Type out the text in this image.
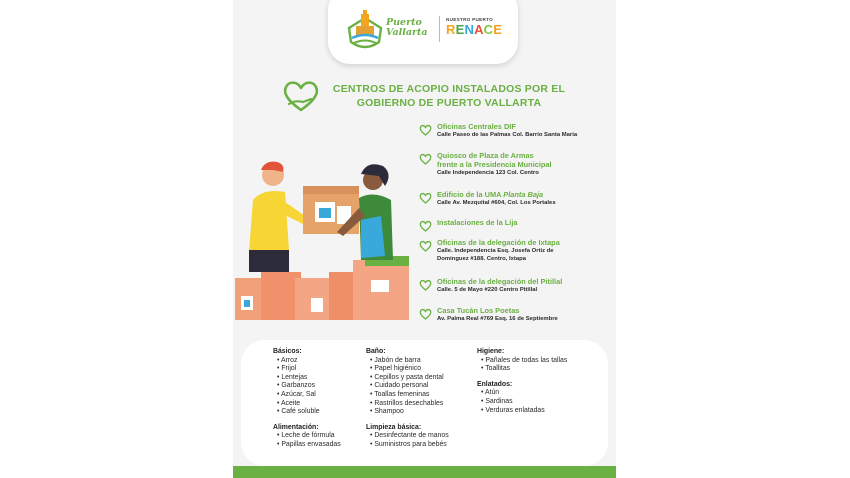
Puerto
Vallarta
NUESTRO PUERTO
RENACE
CENTROS DE ACOPIO INSTALADOS POR EL
GOBIERNO DE PUERTO VALLARTA
Oficinas Centrales DIF
Calle Paseo de las Palmas Col. Barrio Santa Maria
Quiosco de Plaza de Armas
frente a la Presidencia Municipal
Calle Independencia 123 Col. Centro
Edificio de la UMA Planta Baja
Calle Av. Mezquital #604, Col. Los Portales
Instalaciones de la Lija
Oficinas de la delegación de Ixtapa
Calle. Independencia Esq. Josefa Ortiz de
Dominguez #188. Centro, Ixtapa
Oficinas de la delegación del Pitillal
Calle. 5 de Mayo #220 Centro Pitillal
Casa Tucán Los Poetas
Av. Palma Real #769 Esq. 16 de Septiembre
Básicos:
• Arroz
• Frijol
• Lentejas
• Garbanzos
• Azúcar, Sal
• Aceite
• Café soluble
Alimentación:
• Leche de fórmula
• Papillas envasadas
Baño:
• Jabón de barra
• Papel higiénico
• Cepillos y pasta dental
• Cuidado personal
• Toallas femeninas
• Rastrillos desechables
• Shampoo
Limpieza básica:
• Desinfectante de manos
• Suministros para bebés
Higiene:
• Pañales de todas las tallas
• Toallitas
Enlatados:
• Atún
• Sardinas
• Verduras enlatadas
